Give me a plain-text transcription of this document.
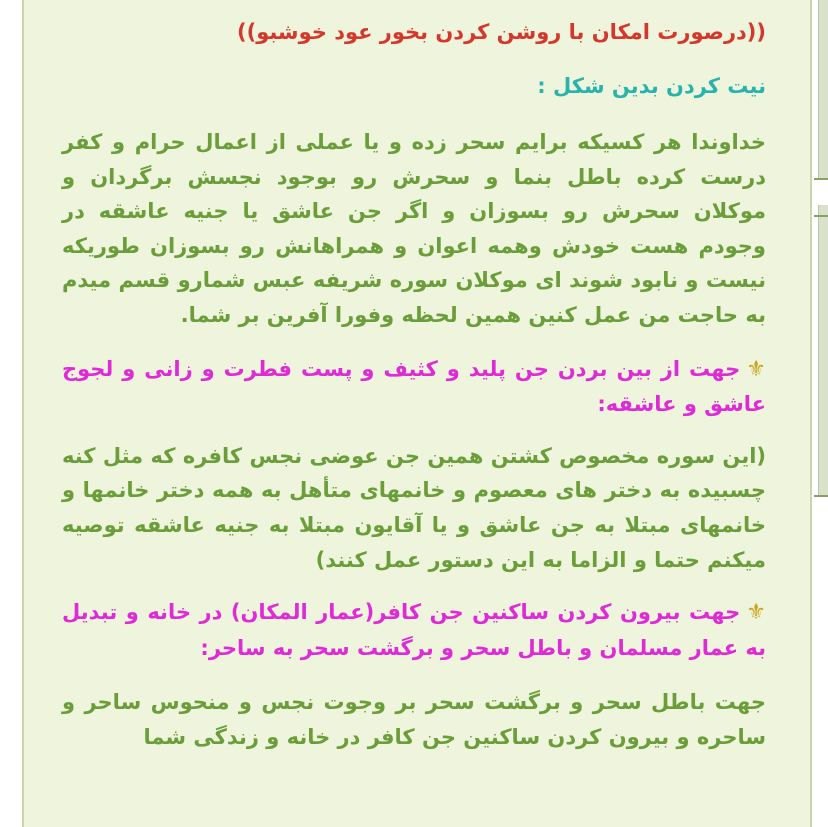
((درصورت امکان با روشن کردن بخور عود خوشبو))

نیت کردن بدین شکل :

خداوندا هر کسیکه برایم سحر زده و یا عملی از اعمال حرام و کفر درست کرده باطل بنما و سحرش رو بوجود نجسش برگردان و موکلان سحرش رو بسوزان و اگر جن عاشق یا جنیه عاشقه در وجودم هست خودش وهمه اعوان و همراهانش رو بسوزان طوریکه نیست و نابود شوند ای موکلان سوره شریفه عبس شمارو قسم میدم به حاجت من عمل کنین همین لحظه وفورا آفرین بر شما.

⚜جهت از بین بردن جن پلید و کثیف و پست فطرت و زانی و لجوج عاشق و عاشقه:

(این سوره مخصوص کشتن همین جن عوضی نجس کافره که مثل کنه چسبیده به دختر های معصوم و خانمهای متأهل به همه دختر خانمها و خانمهای مبتلا به جن عاشق و یا آقایون مبتلا به جنیه عاشقه توصیه میکنم حتما و الزاما به این دستور عمل کنند)

⚜جهت بیرون کردن ساکنین جن کافر(عمار المکان) در خانه و تبدیل به عمار مسلمان و باطل سحر و برگشت سحر به ساحر:

جهت باطل سحر و برگشت سحر بر وجوت نجس و منحوس ساحر و ساحره و بیرون کردن ساکنین جن کافر در خانه و زندگی شما
